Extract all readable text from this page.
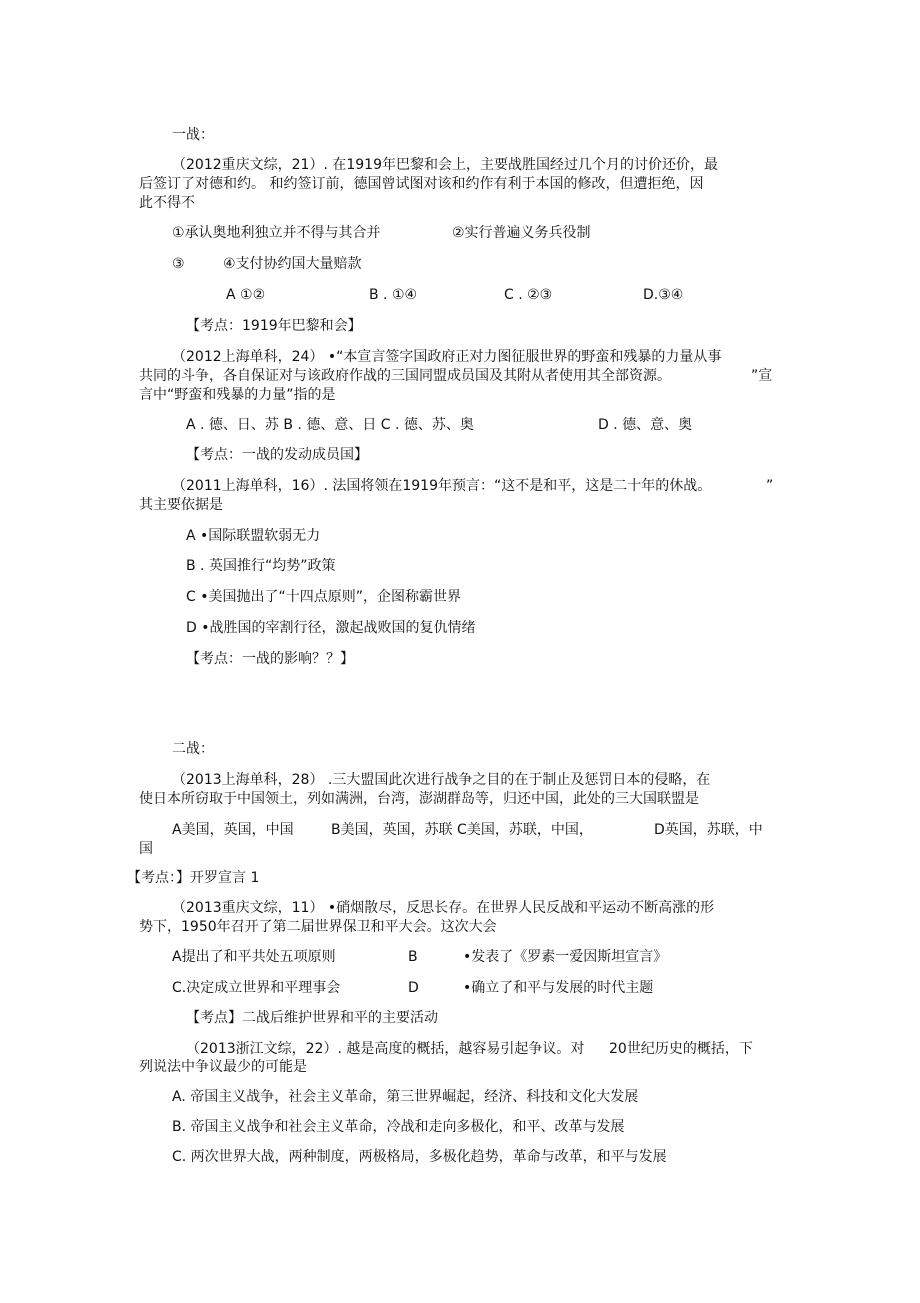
一战：
（2012重庆文综，21）. 在1919年巴黎和会上，主要战胜国经过几个月的讨价还价，最
后签订了对德和约。 和约签订前，德国曾试图对该和约作有利于本国的修改，但遭拒绝，因
此不得不
①承认奥地利独立并不得与其合并	②实行普遍义务兵役制
③	④支付协约国大量赔款
A ①②	B . ①④	C . ②③	D.③④
【考点：1919年巴黎和会】
（2012上海单科，24） •“本宣言签字国政府正对力图征服世界的野蛮和残暴的力量从事
共同的斗争，各自保证对与该政府作战的三国同盟成员国及其附从者使用其全部资源。	”宣
言中“野蛮和残暴的力量”指的是
A . 德、日、苏 B . 德、意、日 C . 德、苏、奥	D . 德、意、奥
【考点：一战的发动成员国】
（2011上海单科，16）. 法国将领在1919年预言：“这不是和平，这是二十年的休战。	”
其主要依据是
A •国际联盟软弱无力
B . 英国推行“均势”政策
C •美国抛出了“十四点原则”，企图称霸世界
D •战胜国的宰割行径，激起战败国的复仇情绪
【考点：一战的影响？？】
二战：
（2013上海单科，28） .三大盟国此次进行战争之目的在于制止及惩罚日本的侵略，在
使日本所窃取于中国领土，列如满洲，台湾，澎湖群岛等，归还中国，此处的三大国联盟是
A美国，英国，中国	B美国，英国，苏联 C美国，苏联，中国，	D英国，苏联，中
国
【考点：】开罗宣言 1
（2013重庆文综，11） •硝烟散尽，反思长存。在世界人民反战和平运动不断高涨的形
势下，1950年召开了第二届世界保卫和平大会。这次大会
A提出了和平共处五项原则	B	•发表了《罗素一爱因斯坦宣言》
C.决定成立世界和平理事会	D	•确立了和平与发展的时代主题
【考点】二战后维护世界和平的主要活动
（2013浙江文综，22）. 越是高度的概括，越容易引起争议。对 20世纪历史的概括，下
列说法中争议最少的可能是
A. 帝国主义战争，社会主义革命，第三世界崛起，经济、科技和文化大发展
B. 帝国主义战争和社会主义革命，冷战和走向多极化，和平、改革与发展
C. 两次世界大战，两种制度，两极格局，多极化趋势，革命与改革，和平与发展
